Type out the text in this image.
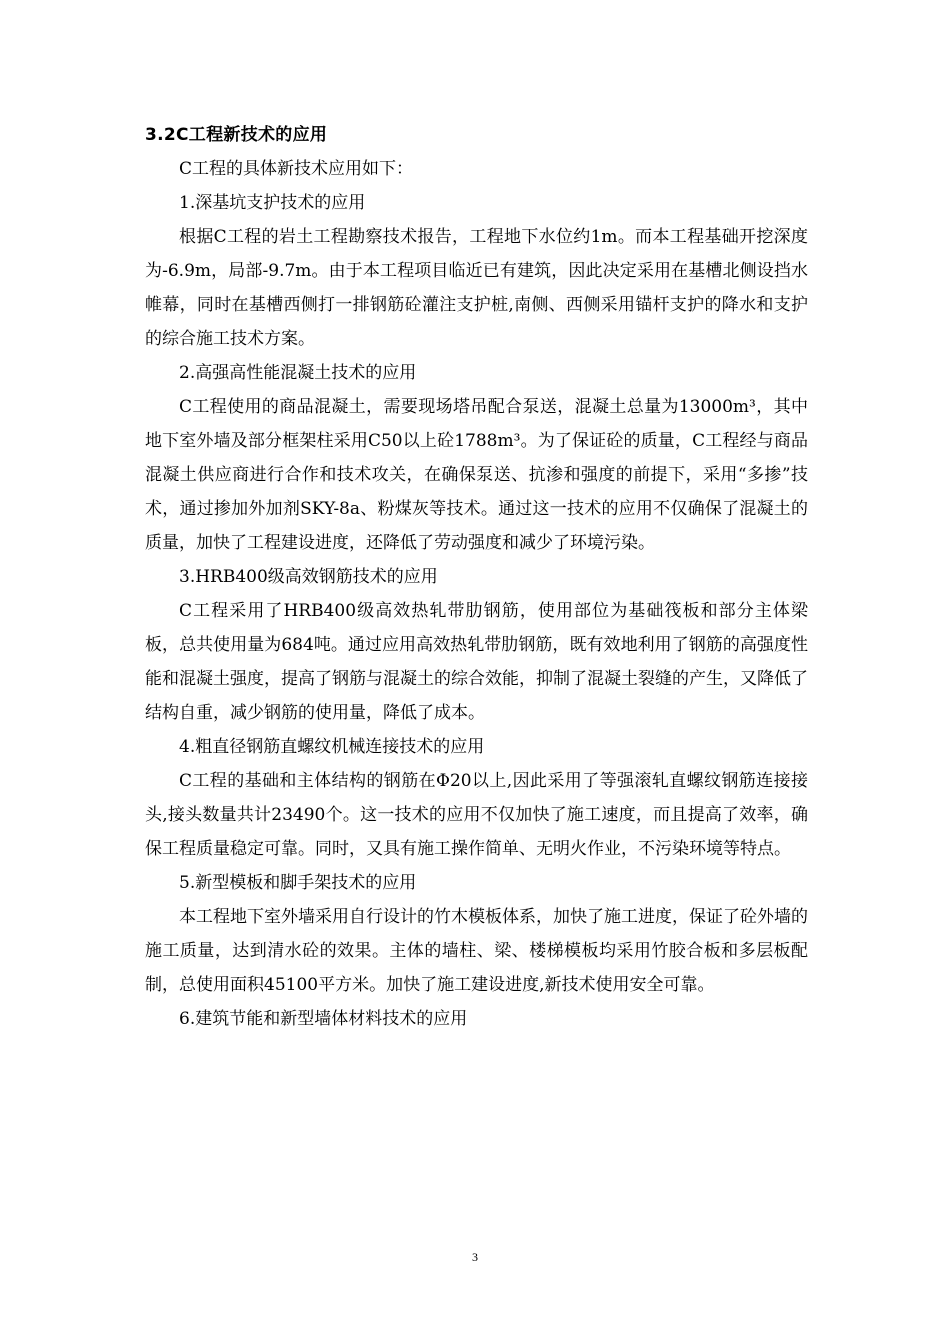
3.2C工程新技术的应用
C工程的具体新技术应用如下：
1.深基坑支护技术的应用

根据C工程的岩土工程勘察技术报告，工程地下水位约1m。而本工程基础开挖深度为-6.9m，局部-9.7m。由于本工程项目临近已有建筑，因此决定采用在基槽北侧设挡水帷幕，同时在基槽西侧打一排钢筋砼灌注支护桩,南侧、西侧采用锚杆支护的降水和支护的综合施工技术方案。

2.高强高性能混凝土技术的应用

C工程使用的商品混凝土，需要现场塔吊配合泵送，混凝土总量为13000m³，其中地下室外墙及部分框架柱采用C50以上砼1788m³。为了保证砼的质量，C工程经与商品混凝土供应商进行合作和技术攻关，在确保泵送、抗渗和强度的前提下，采用“多掺”技术，通过掺加外加剂SKY-8a、粉煤灰等技术。通过这一技术的应用不仅确保了混凝土的质量，加快了工程建设进度，还降低了劳动强度和减少了环境污染。

3.HRB400级高效钢筋技术的应用

C工程采用了HRB400级高效热轧带肋钢筋，使用部位为基础筏板和部分主体梁板，总共使用量为684吨。通过应用高效热轧带肋钢筋，既有效地利用了钢筋的高强度性能和混凝土强度，提高了钢筋与混凝土的综合效能，抑制了混凝土裂缝的产生，又降低了结构自重，减少钢筋的使用量，降低了成本。

4.粗直径钢筋直螺纹机械连接技术的应用

C工程的基础和主体结构的钢筋在Φ20以上,因此采用了等强滚轧直螺纹钢筋连接接头,接头数量共计23490个。这一技术的应用不仅加快了施工速度，而且提高了效率，确保工程质量稳定可靠。同时，又具有施工操作简单、无明火作业，不污染环境等特点。

5.新型模板和脚手架技术的应用

本工程地下室外墙采用自行设计的竹木模板体系，加快了施工进度，保证了砼外墙的施工质量，达到清水砼的效果。主体的墙柱、梁、楼梯模板均采用竹胶合板和多层板配制，总使用面积45100平方米。加快了施工建设进度,新技术使用安全可靠。

6.建筑节能和新型墙体材料技术的应用
3
